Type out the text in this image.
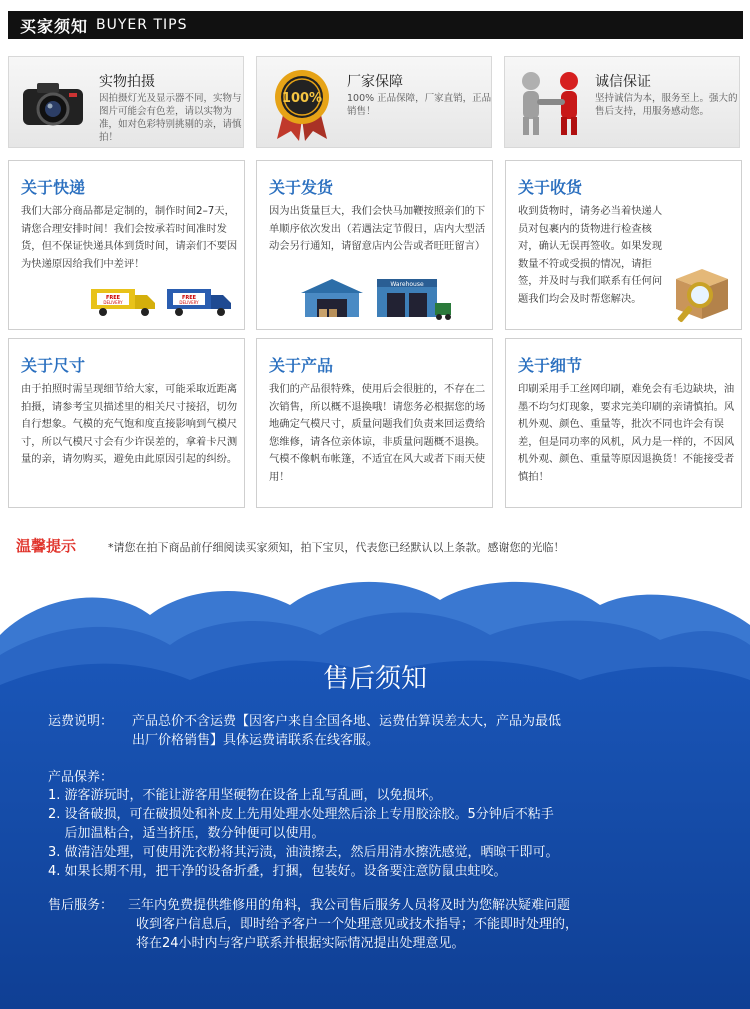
买家须知 BUYER TIPS
实物拍摄
因拍摄灯光及显示器不同，实物与图片可能会有色差，请以实物为准，如对色彩特别挑剔的亲，请慎拍！
100%
厂家保障
100% 正品保障，厂家直销，正品销售！
诚信保证
坚持诚信为本，服务至上。强大的售后支持，用服务感动您。
关于快递
我们大部分商品都是定制的，制作时间2–7天，请您合理安排时间！我们会按承若时间准时发货，但不保证快递具体到货时间，请亲们不要因为快递原因给我们中差评！
FREE
DELIVERY
FREE
DELIVERY
关于发货
因为出货量巨大，我们会快马加鞭按照亲们的下单顺序依次发出（若遇法定节假日，店内大型活动会另行通知，请留意店内公告或者旺旺留言）
Warehouse
关于收货
收到货物时，请务必当着快递人员对包裹内的货物进行检查核对，确认无误再签收。如果发现数量不符或受损的情况，请拒签，并及时与我们联系有任何问题我们均会及时帮您解决。
关于尺寸
由于拍照时需呈现细节给大家，可能采取近距离拍摄，请参考宝贝描述里的相关尺寸接招，切勿自行想象。气模的充气饱和度直接影响到气模尺寸，所以气模尺寸会有少许误差的，拿着卡尺测量的亲，请勿购买，避免由此原因引起的纠纷。
关于产品
我们的产品很特殊，使用后会很脏的，不存在二次销售，所以概不退换哦！请您务必根据您的场地确定气模尺寸，质量问题我们负责来回运费给您维修，请各位亲体谅，非质量问题概不退换。气模不像帆布帐篷，不适宜在风大或者下雨天使用！
关于细节
印刷采用手工丝网印刷，难免会有毛边缺块，油墨不均匀灯现象，要求完美印刷的亲请慎拍。风机外观、颜色、重量等，批次不同也许会有误差，但是同功率的风机，风力是一样的，不因风机外观、颜色、重量等原因退换货！不能接受者慎拍！
温馨提示	*请您在拍下商品前仔细阅读买家须知，拍下宝贝，代表您已经默认以上条款。感谢您的光临！
售后须知
运费说明： 产品总价不含运费【因客户来自全国各地、运费估算误差太大，产品为最低
出厂价格销售】具体运费请联系在线客服。
产品保养：
1. 游客游玩时，不能让游客用坚硬物在设备上乱写乱画，以免损坏。
2. 设备破损，可在破损处和补皮上先用处理水处理然后涂上专用胶涂胶。5分钟后不粘手
后加温粘合，适当挤压，数分钟便可以使用。
3. 做清洁处理，可使用洗衣粉将其污渍，油渍擦去，然后用清水擦洗感觉，晒晾干即可。
4. 如果长期不用，把干净的设备折叠，打捆，包装好。设备要注意防鼠虫蛀咬。
售后服务： 三年内免费提供维修用的角料，我公司售后服务人员将及时为您解决疑难问题
收到客户信息后，即时给予客户一个处理意见或技术指导；不能即时处理的，
将在24小时内与客户联系并根据实际情况提出处理意见。
